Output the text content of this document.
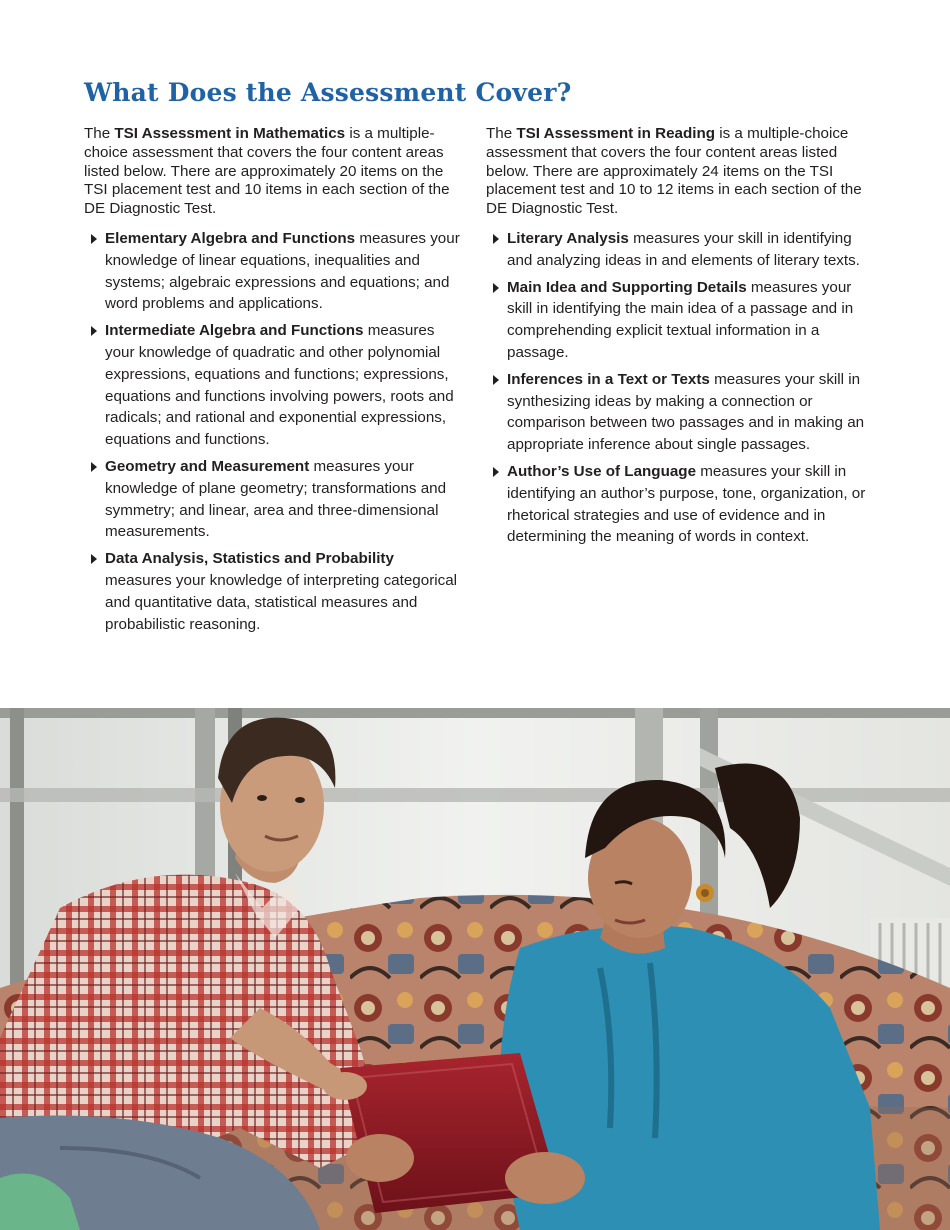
What Does the Assessment Cover?

The TSI Assessment in Mathematics is a multiple-choice assessment that covers the four content areas listed below. There are approximately 20 items on the TSI placement test and 10 items in each section of the DE Diagnostic Test.

Elementary Algebra and Functions measures your knowledge of linear equations, inequalities and systems; algebraic expressions and equations; and word problems and applications.
Intermediate Algebra and Functions measures your knowledge of quadratic and other polynomial expressions, equations and functions; expressions, equations and functions involving powers, roots and radicals; and rational and exponential expressions, equations and functions.
Geometry and Measurement measures your knowledge of plane geometry; transformations and symmetry; and linear, area and three-dimensional measurements.
Data Analysis, Statistics and Probability measures your knowledge of interpreting categorical and quantitative data, statistical measures and probabilistic reasoning.

The TSI Assessment in Reading is a multiple-choice assessment that covers the four content areas listed below. There are approximately 24 items on the TSI placement test and 10 to 12 items in each section of the DE Diagnostic Test.

Literary Analysis measures your skill in identifying and analyzing ideas in and elements of literary texts.
Main Idea and Supporting Details measures your skill in identifying the main idea of a passage and in comprehending explicit textual information in a passage.
Inferences in a Text or Texts measures your skill in synthesizing ideas by making a connection or comparison between two passages and in making an appropriate inference about single passages.
Author’s Use of Language measures your skill in identifying an author’s purpose, tone, organization, or rhetorical strategies and use of evidence and in determining the meaning of words in context.
